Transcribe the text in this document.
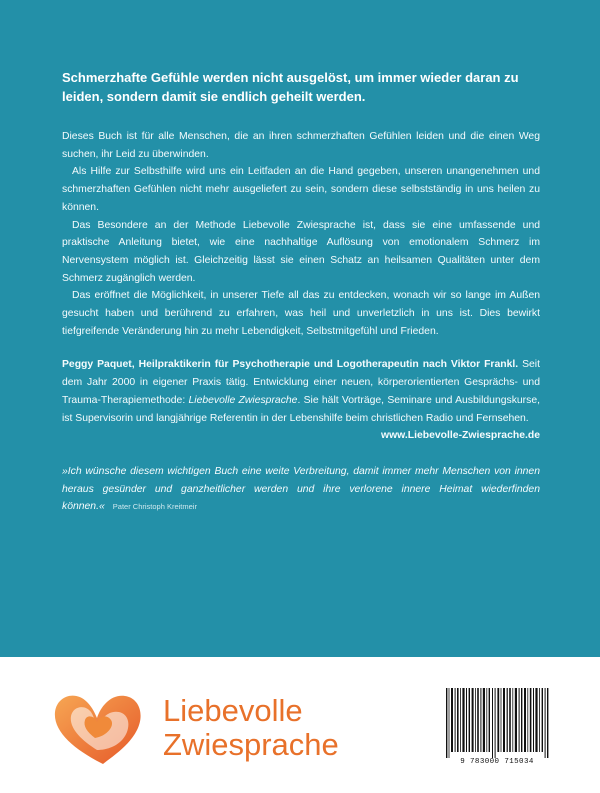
Schmerzhafte Gefühle werden nicht ausgelöst, um immer wieder daran zu leiden, sondern damit sie endlich geheilt werden.

Dieses Buch ist für alle Menschen, die an ihren schmerzhaften Gefühlen leiden und die einen Weg suchen, ihr Leid zu überwinden.

Als Hilfe zur Selbsthilfe wird uns ein Leitfaden an die Hand gegeben, unseren unangenehmen und schmerzhaften Gefühlen nicht mehr ausgeliefert zu sein, sondern diese selbstständig in uns heilen zu können.

Das Besondere an der Methode Liebevolle Zwiesprache ist, dass sie eine umfassende und praktische Anleitung bietet, wie eine nachhaltige Auflösung von emotionalem Schmerz im Nervensystem möglich ist. Gleichzeitig lässt sie einen Schatz an heilsamen Qualitäten unter dem Schmerz zugänglich werden.

Das eröffnet die Möglichkeit, in unserer Tiefe all das zu entdecken, wonach wir so lange im Außen gesucht haben und berührend zu erfahren, was heil und unverletzlich in uns ist. Dies bewirkt tiefgreifende Veränderung hin zu mehr Lebendigkeit, Selbstmitgefühl und Frieden.

Peggy Paquet, Heilpraktikerin für Psychotherapie und Logotherapeutin nach Viktor Frankl. Seit dem Jahr 2000 in eigener Praxis tätig. Entwicklung einer neuen, körperorientierten Gesprächs- und Trauma-Therapiemethode: Liebevolle Zwiesprache. Sie hält Vorträge, Seminare und Ausbildungskurse, ist Supervisorin und langjährige Referentin in der Lebenshilfe beim christlichen Radio und Fernsehen.

www.Liebevolle-Zwiesprache.de

»Ich wünsche diesem wichtigen Buch eine weite Verbreitung, damit immer mehr Menschen von innen heraus gesünder und ganzheitlicher werden und ihre verlorene innere Heimat wiederfinden können.« Pater Christoph Kreitmeir

Liebevolle
Zwiesprache	9 783000 715034
